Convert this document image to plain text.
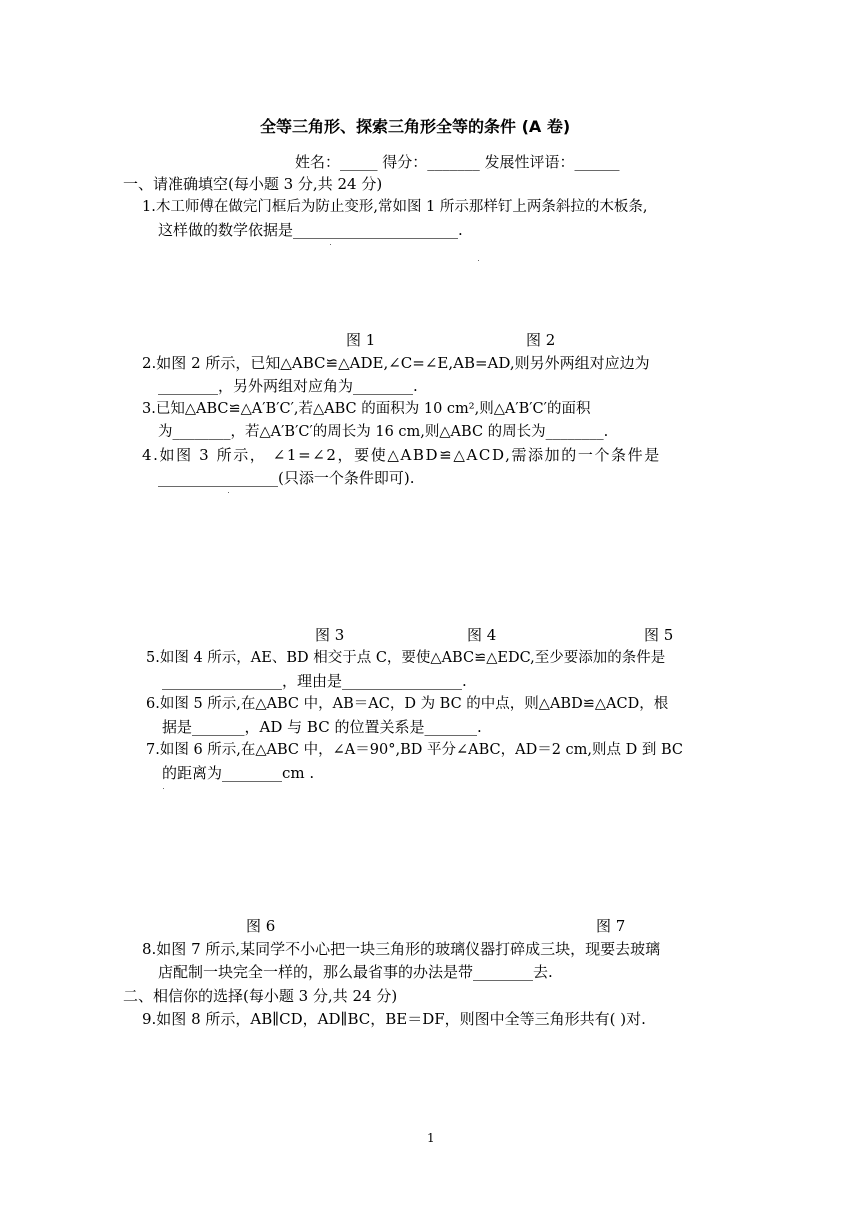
全等三角形、探索三角形全等的条件 (A 卷)
姓名：_____ 得分：_______ 发展性评语：______
一、请准确填空(每小题 3 分,共 24 分)
1.木工师傅在做完门框后为防止变形,常如图 1 所示那样钉上两条斜拉的木板条,
这样做的数学依据是______________________.
图 1	图 2
2.如图 2 所示，已知△ABC≌△ADE,∠C=∠E,AB=AD,则另外两组对应边为
________，另外两组对应角为________.
3.已知△ABC≌△A′B′C′,若△ABC 的面积为 10 cm²,则△A′B′C′的面积
为________，若△A′B′C′的周长为 16 cm,则△ABC 的周长为________.
4.如图 3 所示， ∠1=∠2，要使△ABD≌△ACD,需添加的一个条件是
________________(只添一个条件即可).
图 3	图 4	图 5
5.如图 4 所示，AE、BD 相交于点 C，要使△ABC≌△EDC,至少要添加的条件是
________________，理由是________________.
6.如图 5 所示,在△ABC 中，AB＝AC，D 为 BC 的中点，则△ABD≌△ACD，根
据是_______，AD 与 BC 的位置关系是_______.
7.如图 6 所示,在△ABC 中，∠A＝90°,BD 平分∠ABC，AD＝2 cm,则点 D 到 BC
的距离为________cm .
图 6	图 7
8.如图 7 所示,某同学不小心把一块三角形的玻璃仪器打碎成三块，现要去玻璃
店配制一块完全一样的，那么最省事的办法是带________去.
二、相信你的选择(每小题 3 分,共 24 分)
9.如图 8 所示，AB∥CD，AD∥BC，BE＝DF，则图中全等三角形共有( )对.
1
